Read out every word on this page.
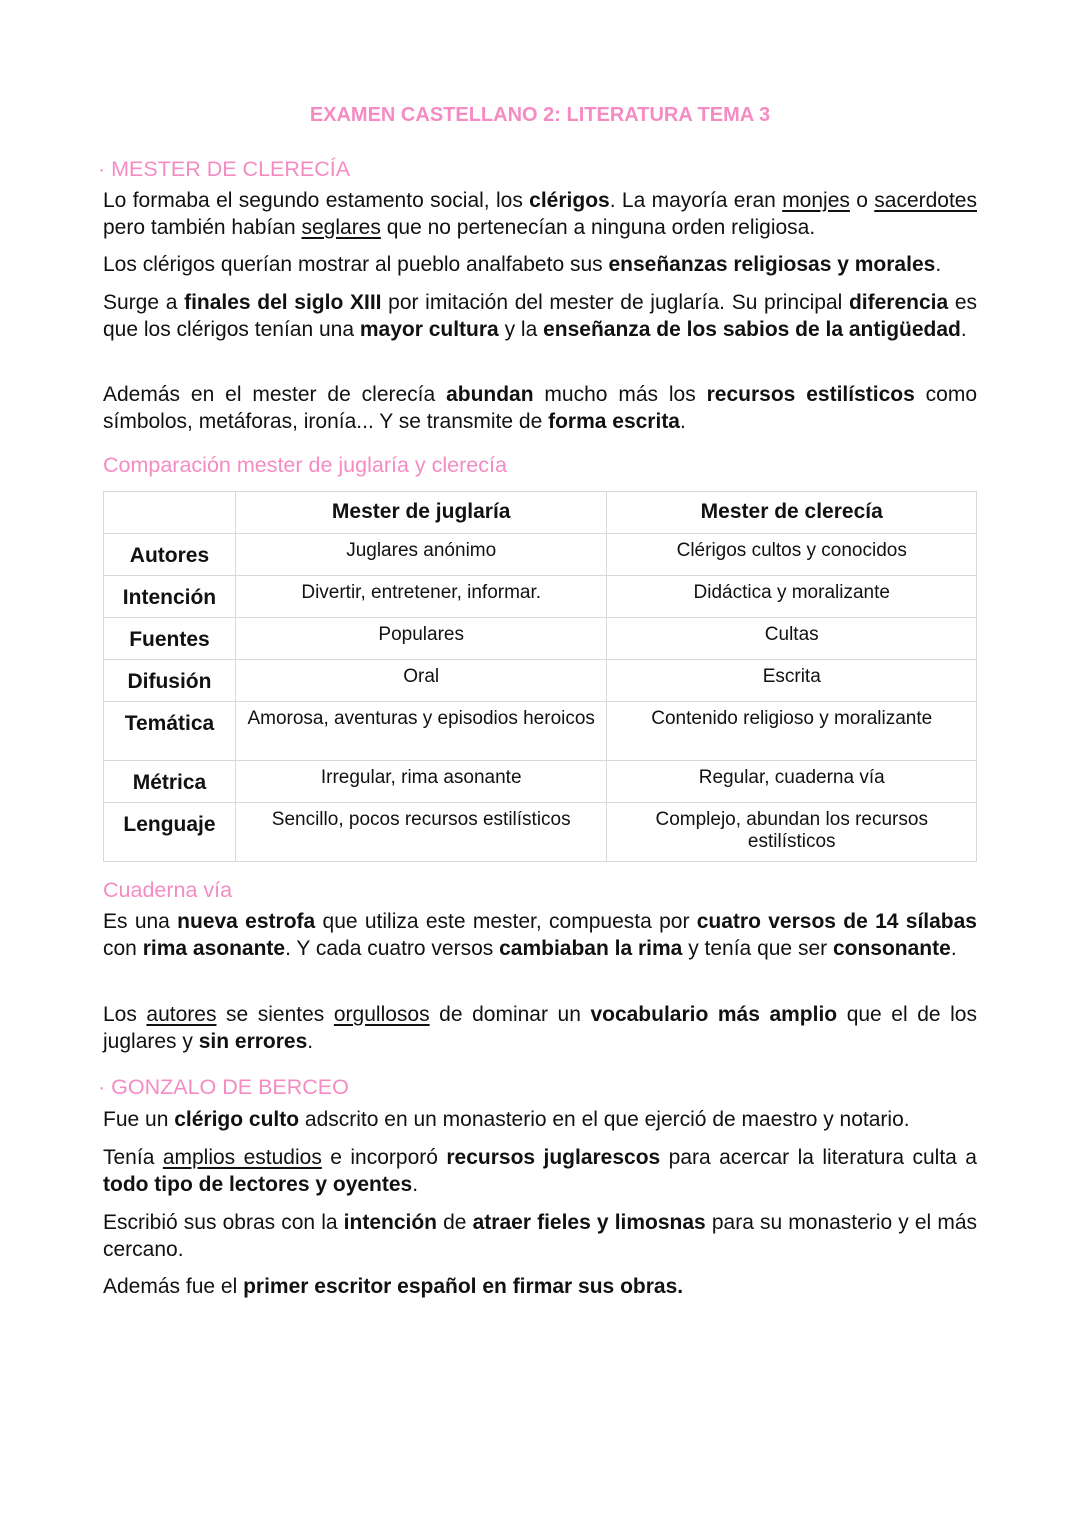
EXAMEN CASTELLANO 2: LITERATURA TEMA 3
· MESTER DE CLERECÍA
Lo formaba el segundo estamento social, los clérigos. La mayoría eran monjes o sacerdotes pero también habían seglares que no pertenecían a ninguna orden religiosa.
Los clérigos querían mostrar al pueblo analfabeto sus enseñanzas religiosas y morales.
Surge a finales del siglo XIII por imitación del mester de juglaría. Su principal diferencia es que los clérigos tenían una mayor cultura y la enseñanza de los sabios de la antigüedad.
Además en el mester de clerecía abundan mucho más los recursos estilísticos como símbolos, metáforas, ironía... Y se transmite de forma escrita.
Comparación mester de juglaría y clerecía
	Mester de juglaría	Mester de clerecía
Autores	Juglares anónimo	Clérigos cultos y conocidos
Intención	Divertir, entretener, informar.	Didáctica y moralizante
Fuentes	Populares	Cultas
Difusión	Oral	Escrita
Temática	Amorosa, aventuras y episodios heroicos	Contenido religioso y moralizante
Métrica	Irregular, rima asonante	Regular, cuaderna vía
Lenguaje	Sencillo, pocos recursos estilísticos	Complejo, abundan los recursos estilísticos
Cuaderna vía
Es una nueva estrofa que utiliza este mester, compuesta por cuatro versos de 14 sílabas con rima asonante. Y cada cuatro versos cambiaban la rima y tenía que ser consonante.
Los autores se sientes orgullosos de dominar un vocabulario más amplio que el de los juglares y sin errores.
· GONZALO DE BERCEO
Fue un clérigo culto adscrito en un monasterio en el que ejerció de maestro y notario.
Tenía amplios estudios e incorporó recursos juglarescos para acercar la literatura culta a todo tipo de lectores y oyentes.
Escribió sus obras con la intención de atraer fieles y limosnas para su monasterio y el más cercano.
Además fue el primer escritor español en firmar sus obras.
